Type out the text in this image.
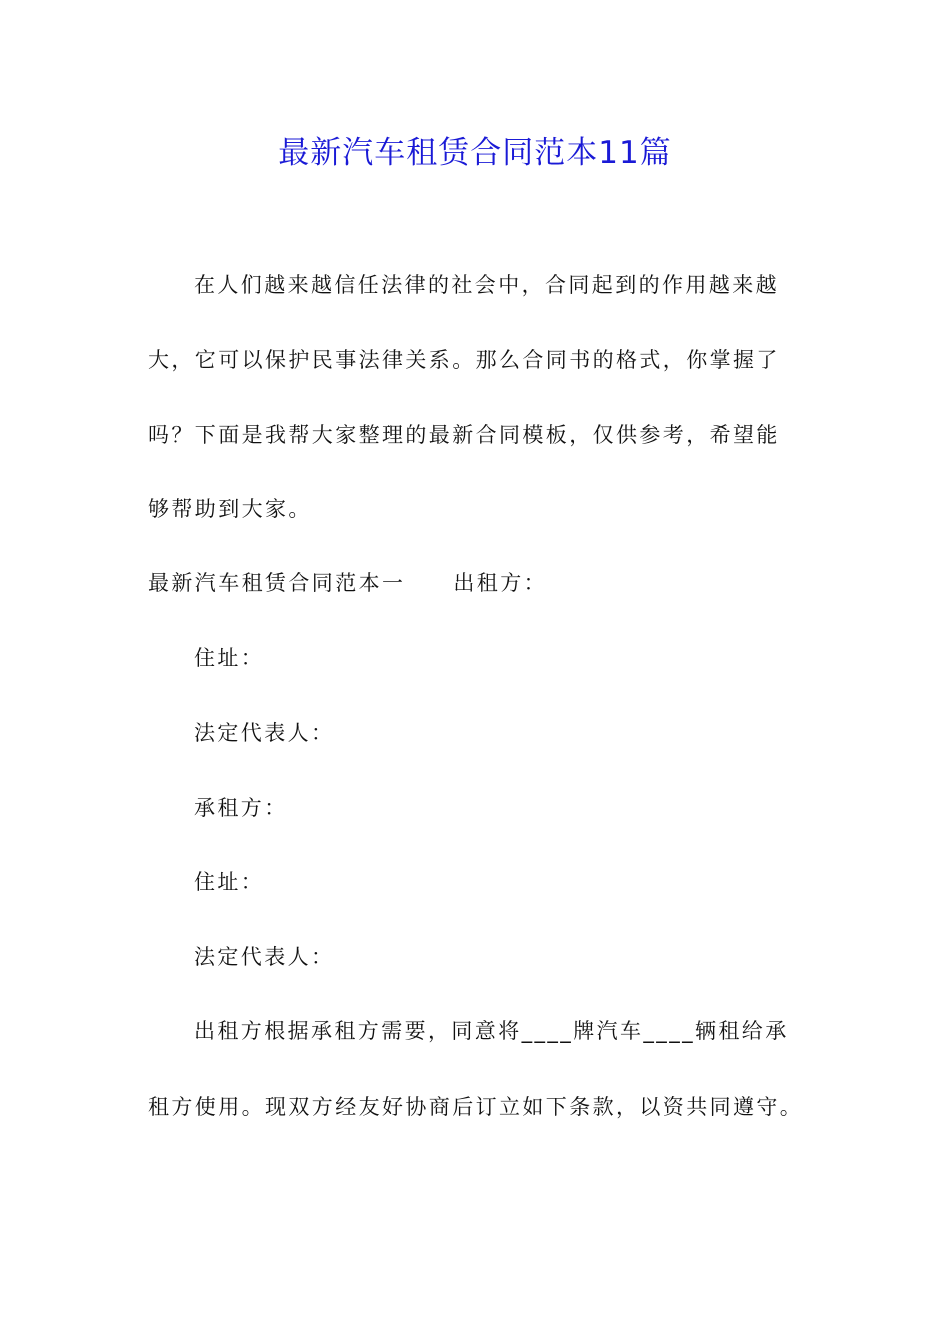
最新汽车租赁合同范本11篇
在人们越来越信任法律的社会中，合同起到的作用越来越
大，它可以保护民事法律关系。那么合同书的格式，你掌握了
吗？下面是我帮大家整理的最新合同模板，仅供参考，希望能
够帮助到大家。
最新汽车租赁合同范本一 出租方：
住址：
法定代表人：
承租方：
住址：
法定代表人：
出租方根据承租方需要，同意将____牌汽车____辆租给承
租方使用。现双方经友好协商后订立如下条款，以资共同遵守。
